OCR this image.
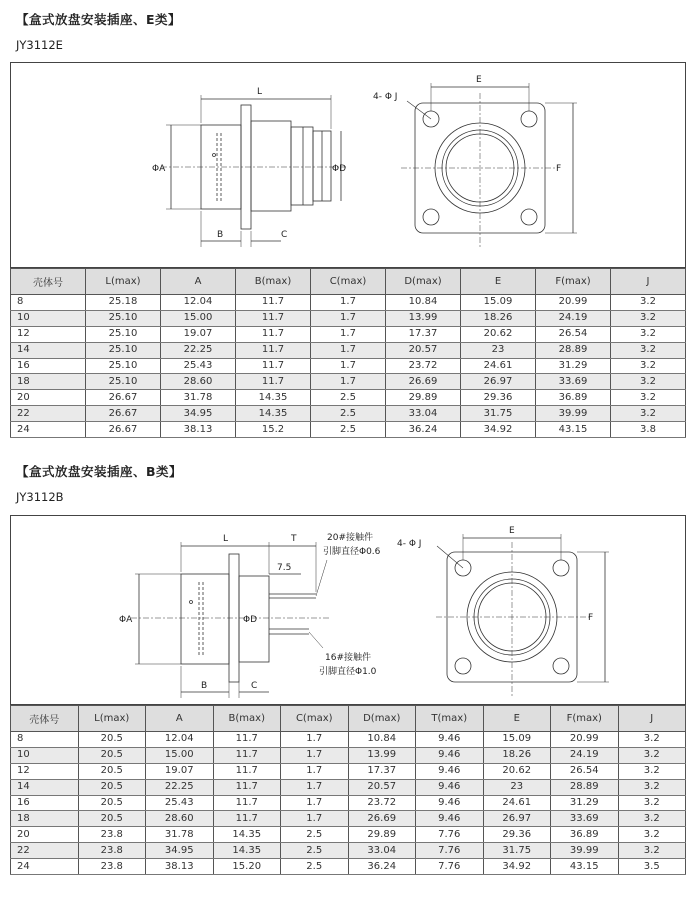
【盒式放盘安装插座、E类】
JY3112E
L
ΦA	ΦD
B	C
E
F
4- Φ J
壳体号	L(max)	A	B(max)	C(max)	D(max)	E	F(max)	J
8	25.18	12.04	11.7	1.7	10.84	15.09	20.99	3.2
10	25.10	15.00	11.7	1.7	13.99	18.26	24.19	3.2
12	25.10	19.07	11.7	1.7	17.37	20.62	26.54	3.2
14	25.10	22.25	11.7	1.7	20.57	23	28.89	3.2
16	25.10	25.43	11.7	1.7	23.72	24.61	31.29	3.2
18	25.10	28.60	11.7	1.7	26.69	26.97	33.69	3.2
20	26.67	31.78	14.35	2.5	29.89	29.36	36.89	3.2
22	26.67	34.95	14.35	2.5	33.04	31.75	39.99	3.2
24	26.67	38.13	15.2	2.5	36.24	34.92	43.15	3.8
【盒式放盘安装插座、B类】
JY3112B
L	T
7.5
ΦA	ΦD
B	C
E
F
4- Φ J
20#接触件
引脚直径Φ0.6
16#接触件
引脚直径Φ1.0
壳体号	L(max)	A	B(max)	C(max)	D(max)	T(max)	E	F(max)	J
8	20.5	12.04	11.7	1.7	10.84	9.46	15.09	20.99	3.2
10	20.5	15.00	11.7	1.7	13.99	9.46	18.26	24.19	3.2
12	20.5	19.07	11.7	1.7	17.37	9.46	20.62	26.54	3.2
14	20.5	22.25	11.7	1.7	20.57	9.46	23	28.89	3.2
16	20.5	25.43	11.7	1.7	23.72	9.46	24.61	31.29	3.2
18	20.5	28.60	11.7	1.7	26.69	9.46	26.97	33.69	3.2
20	23.8	31.78	14.35	2.5	29.89	7.76	29.36	36.89	3.2
22	23.8	34.95	14.35	2.5	33.04	7.76	31.75	39.99	3.2
24	23.8	38.13	15.20	2.5	36.24	7.76	34.92	43.15	3.5
